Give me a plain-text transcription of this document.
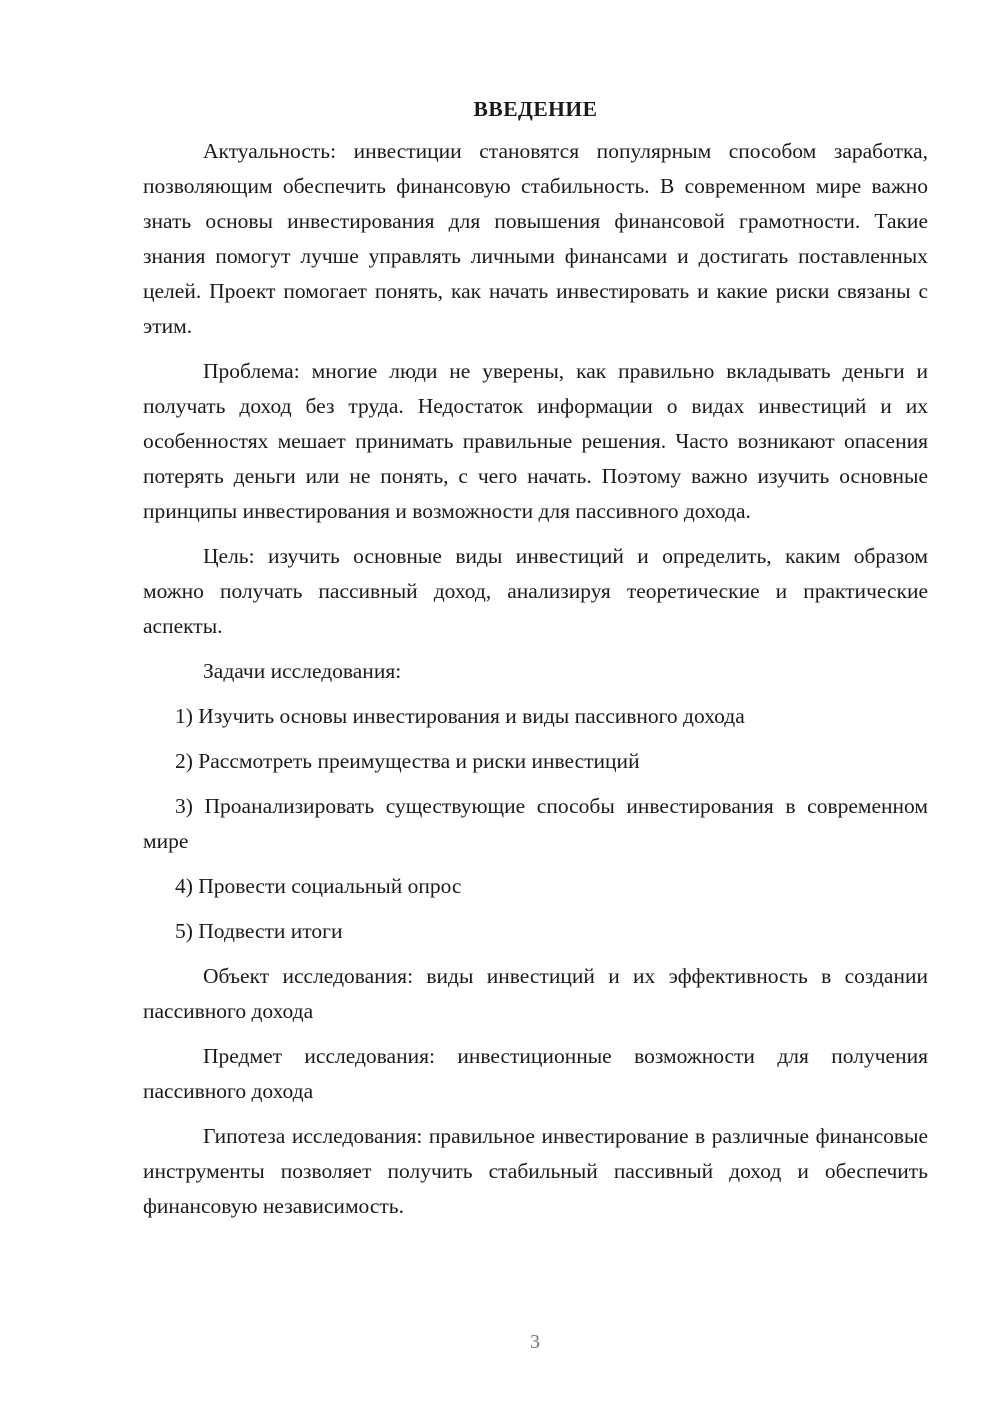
ВВЕДЕНИЕ

Актуальность: инвестиции становятся популярным способом заработка, позволяющим обеспечить финансовую стабильность. В современном мире важно знать основы инвестирования для повышения финансовой грамотности. Такие знания помогут лучше управлять личными финансами и достигать поставленных целей. Проект помогает понять, как начать инвестировать и какие риски связаны с этим.

Проблема: многие люди не уверены, как правильно вкладывать деньги и получать доход без труда. Недостаток информации о видах инвестиций и их особенностях мешает принимать правильные решения. Часто возникают опасения потерять деньги или не понять, с чего начать. Поэтому важно изучить основные принципы инвестирования и возможности для пассивного дохода.

Цель: изучить основные виды инвестиций и определить, каким образом можно получать пассивный доход, анализируя теоретические и практические аспекты.

Задачи исследования:

1) Изучить основы инвестирования и виды пассивного дохода

2) Рассмотреть преимущества и риски инвестиций

3) Проанализировать существующие способы инвестирования в современном мире

4) Провести социальный опрос

5) Подвести итоги

Объект исследования: виды инвестиций и их эффективность в создании пассивного дохода

Предмет исследования: инвестиционные возможности для получения пассивного дохода

Гипотеза исследования: правильное инвестирование в различные финансовые инструменты позволяет получить стабильный пассивный доход и обеспечить финансовую независимость.

3
